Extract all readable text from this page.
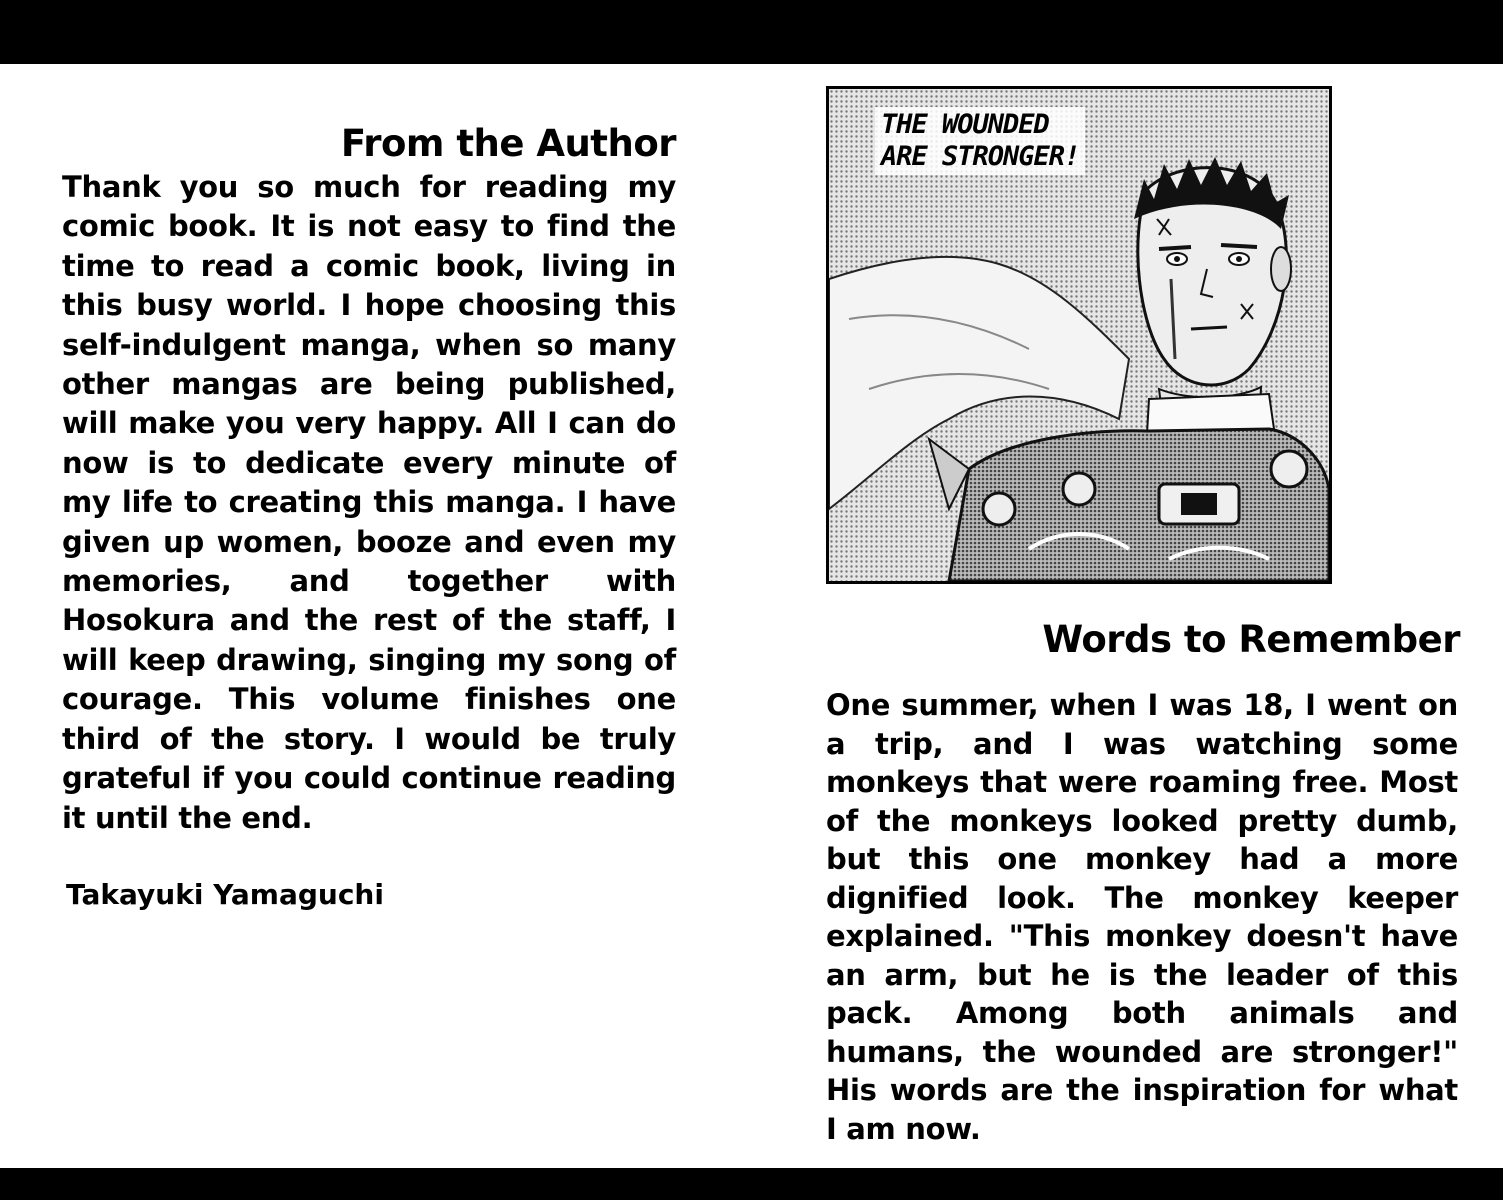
From the Author
Thank you so much for reading my comic book. It is not easy to find the time to read a comic book, living in this busy world. I hope choosing this self-indulgent manga, when so many other mangas are being published, will make you very happy. All I can do now is to dedicate every minute of my life to creating this manga. I have given up women, booze and even my memories, and together with Hosokura and the rest of the staff, I will keep drawing, singing my song of courage. This volume finishes one third of the story. I would be truly grateful if you could continue reading it until the end.
Takayuki Yamaguchi
THE WOUNDED
ARE STRONGER!
Words to Remember
One summer, when I was 18, I went on a trip, and I was watching some monkeys that were roaming free. Most of the monkeys looked pretty dumb, but this one monkey had a more dignified look. The monkey keeper explained. "This monkey doesn't have an arm, but he is the leader of this pack. Among both animals and humans, the wounded are stronger!" His words are the inspiration for what I am now.
